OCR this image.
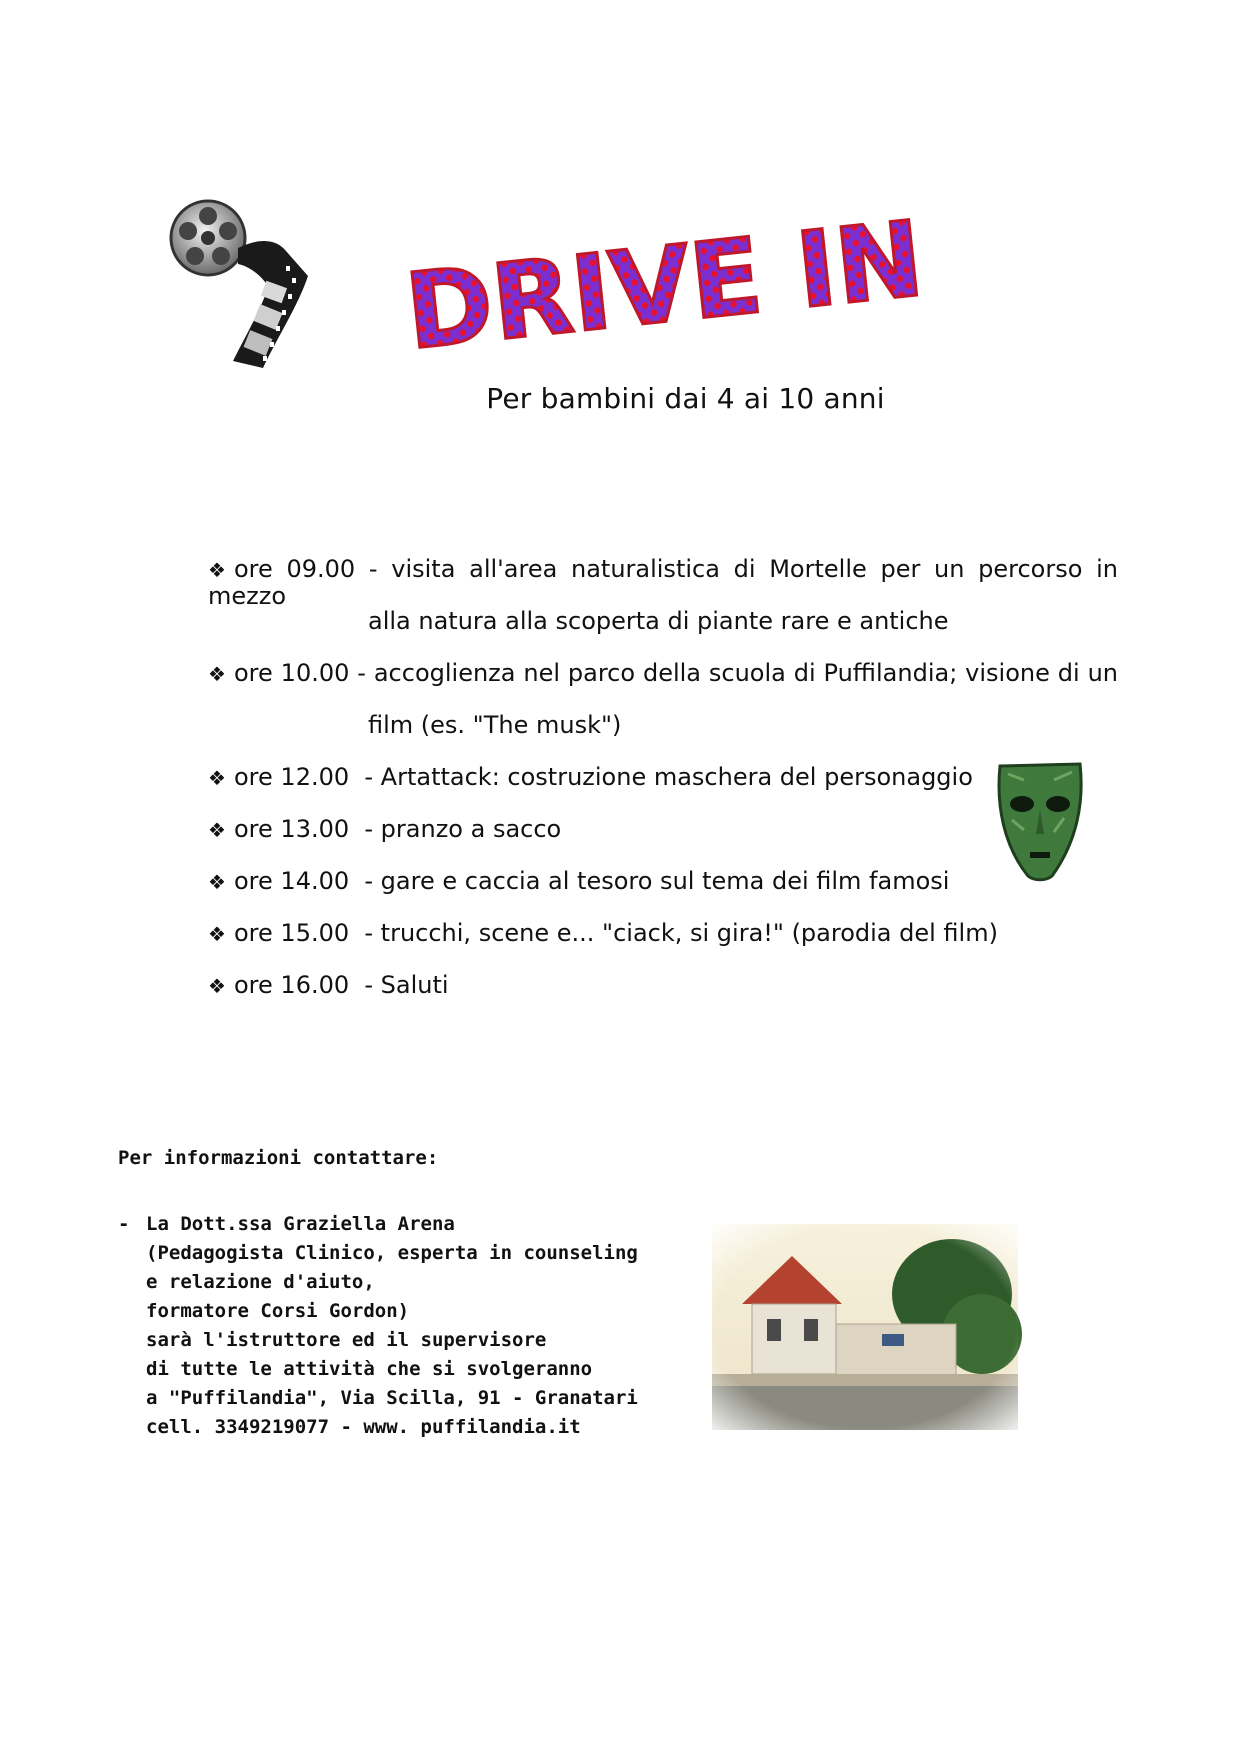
DRIVE IN
Per bambini dai 4 ai 10 anni
❖ ore 09.00 - visita all'area naturalistica di Mortelle per un percorso in mezzo
alla natura alla scoperta di piante rare e antiche
❖ ore 10.00 - accoglienza nel parco della scuola di Puffilandia; visione di un
film (es. "The musk")
❖ ore 12.00  - Artattack: costruzione maschera del personaggio
❖ ore 13.00  - pranzo a sacco
❖ ore 14.00  - gare e caccia al tesoro sul tema dei film famosi
❖ ore 15.00  - trucchi, scene e... "ciack, si gira!" (parodia del film)
❖ ore 16.00  - Saluti
Per informazioni contattare:
- La Dott.ssa Graziella Arena
(Pedagogista Clinico, esperta in counseling
e relazione d'aiuto,
formatore Corsi Gordon)
sarà l'istruttore ed il supervisore
di tutte le attività che si svolgeranno
a "Puffilandia", Via Scilla, 91 - Granatari
cell. 3349219077 - www. puffilandia.it
